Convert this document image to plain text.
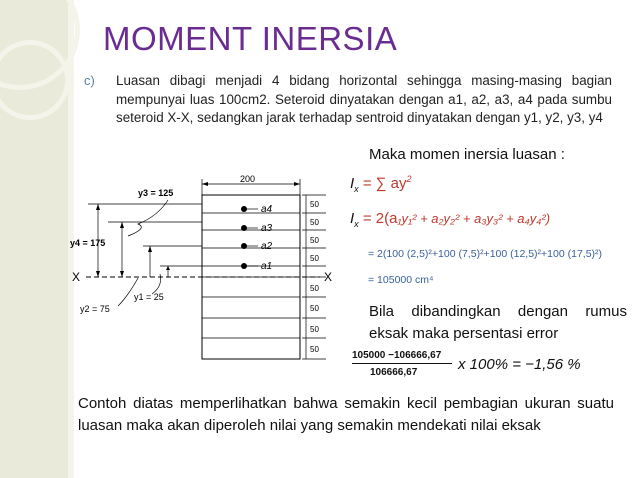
MOMENT INERSIA
c) Luasan dibagi menjadi 4 bidang horizontal sehingga masing-masing bagian mempunyai luas 100cm2. Seteroid dinyatakan dengan a1, a2, a3, a4 pada sumbu seteroid X-X, sedangkan jarak terhadap sentroid dinyatakan dengan y1, y2, y3, y4
Maka momen inersia luasan :
200
a4
a3
a2
a1
50
50
50
50
50
50
50
50
y3 = 125
y4 = 175
y2 = 75
y1 = 25
X	X
$I_x$ = ∑ $ay^2$
$I_x = 2(a_1y_1^2 + a_2y_2^2 + a_3y_3^2 + a_4y_4^2)$
= 2(100 (2,5)²+100 (7,5)²+100 (12,5)²+100 (17,5)²)
= 105000 cm⁴
Bila dibandingkan dengan rumus eksak maka persentasi error
105000 −106666,67
106666,67	x 100% = −1,56 %
Contoh diatas memperlihatkan bahwa semakin kecil pembagian ukuran suatu luasan maka akan diperoleh nilai yang semakin mendekati nilai eksak
